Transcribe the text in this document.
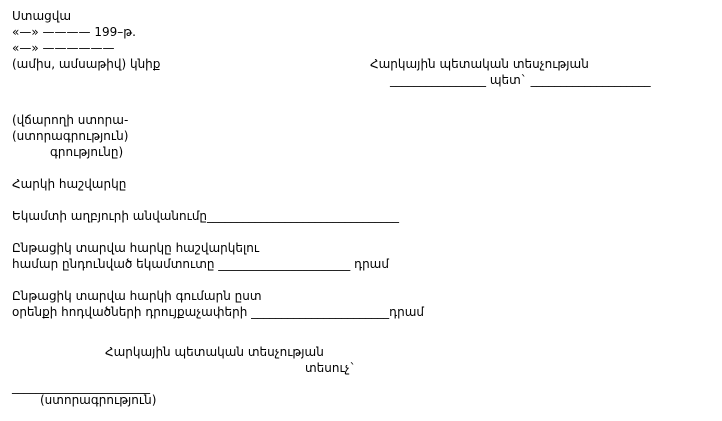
Ստացվա
«—» ———— 199–թ.
«—» ——————
(ամիս, ամսաթիվ) կնիք	Հարկային պետական տեսչության
________________ պետ` ____________________
(վճարողի ստորա-
(ստորագրություն)
գրությունը)
Հարկի հաշվարկը
Եկամտի աղբյուրի անվանումը________________________________
Ընթացիկ տարվա հարկը հաշվարկելու
համար ընդունված եկամտուտը ______________________ դրամ
Ընթացիկ տարվա հարկի գումարն ըստ
օրենքի հոդվածների դրույքաչափերի _______________________դրամ
Հարկային պետական տեսչության
տեսուչ`
_______________________
(ստորագրություն)
